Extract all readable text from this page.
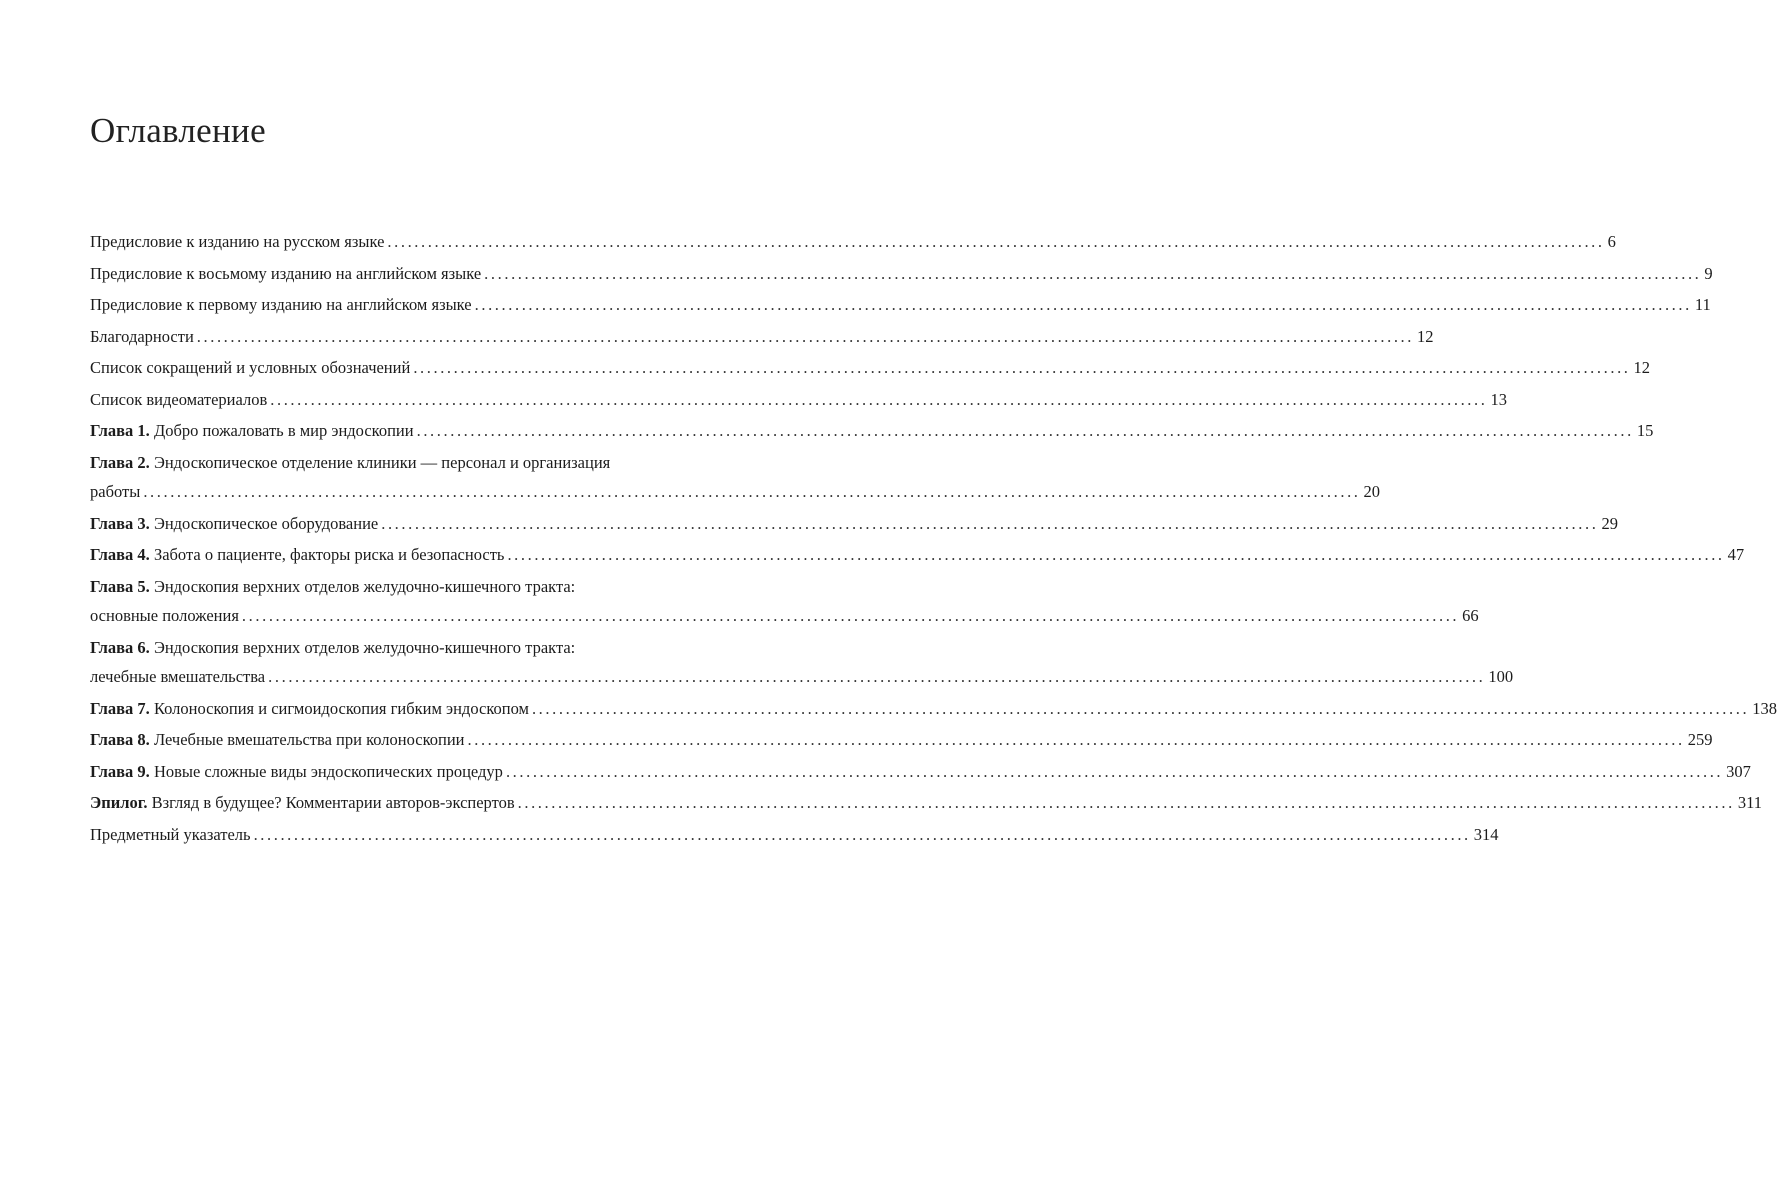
Оглавление
Предисловие к изданию на русском языке ..................................................................................................................................................................................... 6
Предисловие к восьмому изданию на английском языке ..................................................................................................................................................................................... 9
Предисловие к первому изданию на английском языке ..................................................................................................................................................................................... 11
Благодарности ..................................................................................................................................................................................... 12
Список сокращений и условных обозначений ..................................................................................................................................................................................... 12
Список видеоматериалов ..................................................................................................................................................................................... 13
Глава 1. Добро пожаловать в мир эндоскопии ..................................................................................................................................................................................... 15
Глава 2. Эндоскопическое отделение клиники — персонал и организация
работы ..................................................................................................................................................................................... 20
Глава 3. Эндоскопическое оборудование ..................................................................................................................................................................................... 29
Глава 4. Забота о пациенте, факторы риска и безопасность ..................................................................................................................................................................................... 47
Глава 5. Эндоскопия верхних отделов желудочно-кишечного тракта:
основные положения ..................................................................................................................................................................................... 66
Глава 6. Эндоскопия верхних отделов желудочно-кишечного тракта:
лечебные вмешательства ..................................................................................................................................................................................... 100
Глава 7. Колоноскопия и сигмоидоскопия гибким эндоскопом ..................................................................................................................................................................................... 138
Глава 8. Лечебные вмешательства при колоноскопии ..................................................................................................................................................................................... 259
Глава 9. Новые сложные виды эндоскопических процедур ..................................................................................................................................................................................... 307
Эпилог. Взгляд в будущее? Комментарии авторов-экспертов ..................................................................................................................................................................................... 311
Предметный указатель ..................................................................................................................................................................................... 314
